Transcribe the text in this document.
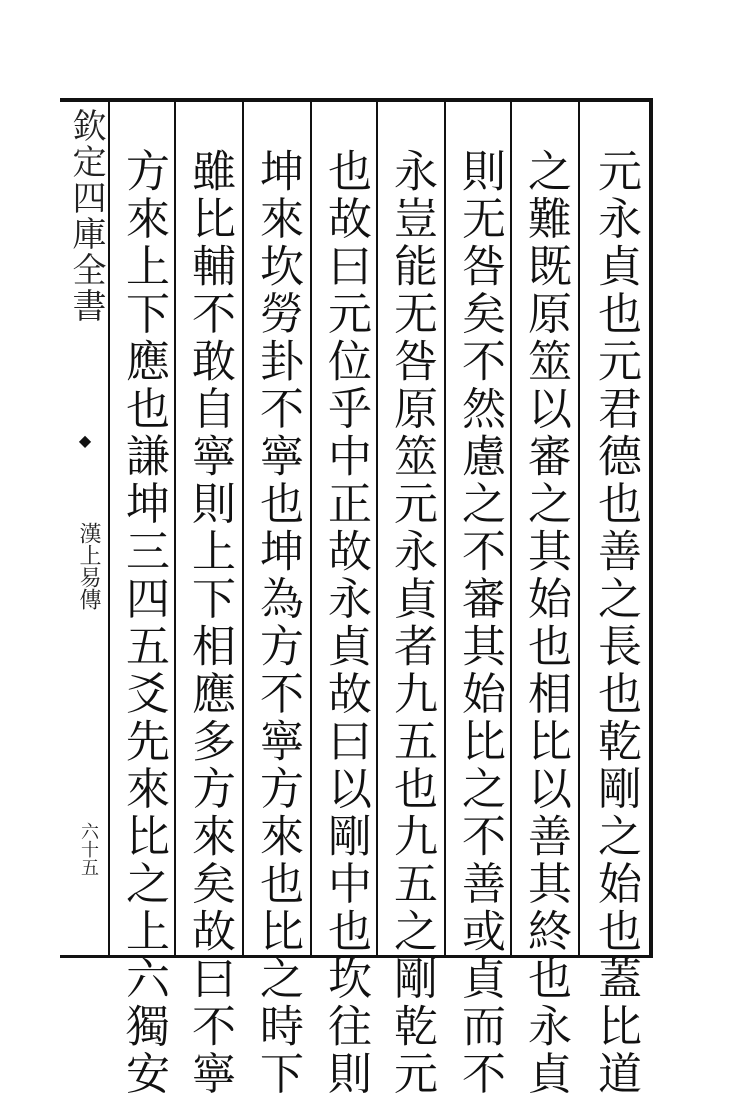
欽定四庫全書
◆
漢上易傳
六十五	元永貞也元君德也善之長也乾剛之始也蓋比道
之難既原筮以審之其始也相比以善其終也永貞
則无咎矣不然慮之不審其始比之不善或貞而不
永豈能无咎原筮元永貞者九五也九五之剛乾元
也故曰元位乎中正故永貞故曰以剛中也坎往則
坤來坎勞卦不寧也坤為方不寧方來也比之時下
雖比輔不敢自寧則上下相應多方來矣故曰不寧
方來上下應也謙坤三四五爻先來比之上六獨安
